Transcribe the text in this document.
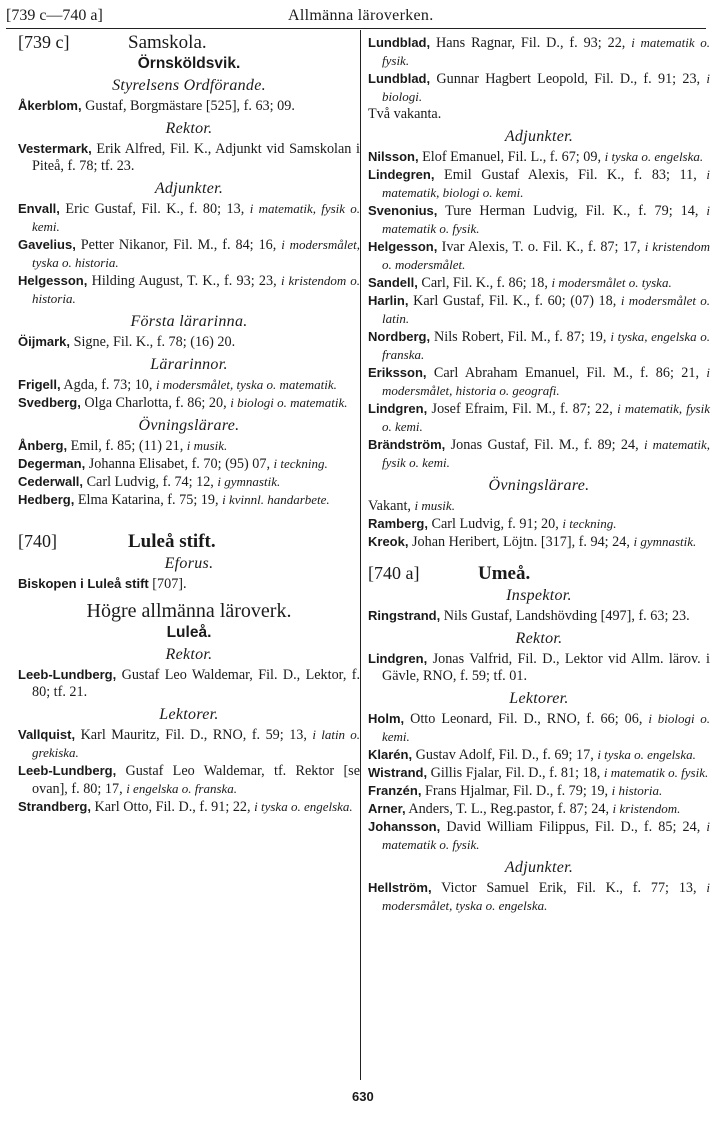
[739 c—740 a]	Allmänna läroverken.
[739 c]	Samskola.
Örnsköldsvik.
Styrelsens Ordförande.

Åkerblom, Gustaf, Borgmästare [525], f. 63; 09.

Rektor.

Vestermark, Erik Alfred, Fil. K., Adjunkt vid Samskolan i Piteå, f. 78; tf. 23.

Adjunkter.

Envall, Eric Gustaf, Fil. K., f. 80; 13, i matematik, fysik o. kemi.

Gavelius, Petter Nikanor, Fil. M., f. 84; 16, i modersmålet, tyska o. historia.

Helgesson, Hilding August, T. K., f. 93; 23, i kristendom o. historia.

Första lärarinna.

Öijmark, Signe, Fil. K., f. 78; (16) 20.

Lärarinnor.

Frigell, Agda, f. 73; 10, i modersmålet, tyska o. matematik.

Svedberg, Olga Charlotta, f. 86; 20, i biologi o. matematik.

Övningslärare.

Ånberg, Emil, f. 85; (11) 21, i musik.

Degerman, Johanna Elisabet, f. 70; (95) 07, i teckning.

Cederwall, Carl Ludvig, f. 74; 12, i gymnastik.

Hedberg, Elma Katarina, f. 75; 19, i kvinnl. handarbete.

[740]	Luleå stift.
Eforus.

Biskopen i Luleå stift [707].

Högre allmänna läroverk.
Luleå.
Rektor.

Leeb-Lundberg, Gustaf Leo Waldemar, Fil. D., Lektor, f. 80; tf. 21.

Lektorer.

Vallquist, Karl Mauritz, Fil. D., RNO, f. 59; 13, i latin o. grekiska.

Leeb-Lundberg, Gustaf Leo Waldemar, tf. Rektor [se ovan], f. 80; 17, i engelska o. franska.

Strandberg, Karl Otto, Fil. D., f. 91; 22, i tyska o. engelska.

Lundblad, Hans Ragnar, Fil. D., f. 93; 22, i matematik o. fysik.

Lundblad, Gunnar Hagbert Leopold, Fil. D., f. 91; 23, i biologi.

Två vakanta.

Adjunkter.

Nilsson, Elof Emanuel, Fil. L., f. 67; 09, i tyska o. engelska.

Lindegren, Emil Gustaf Alexis, Fil. K., f. 83; 11, i matematik, biologi o. kemi.

Svenonius, Ture Herman Ludvig, Fil. K., f. 79; 14, i matematik o. fysik.

Helgesson, Ivar Alexis, T. o. Fil. K., f. 87; 17, i kristendom o. modersmålet.

Sandell, Carl, Fil. K., f. 86; 18, i modersmålet o. tyska.

Harlin, Karl Gustaf, Fil. K., f. 60; (07) 18, i modersmålet o. latin.

Nordberg, Nils Robert, Fil. M., f. 87; 19, i tyska, engelska o. franska.

Eriksson, Carl Abraham Emanuel, Fil. M., f. 86; 21, i modersmålet, historia o. geografi.

Lindgren, Josef Efraim, Fil. M., f. 87; 22, i matematik, fysik o. kemi.

Brändström, Jonas Gustaf, Fil. M., f. 89; 24, i matematik, fysik o. kemi.

Övningslärare.

Vakant, i musik.

Ramberg, Carl Ludvig, f. 91; 20, i teckning.

Kreok, Johan Heribert, Löjtn. [317], f. 94; 24, i gymnastik.

[740 a]	Umeå.
Inspektor.

Ringstrand, Nils Gustaf, Landshövding [497], f. 63; 23.

Rektor.

Lindgren, Jonas Valfrid, Fil. D., Lektor vid Allm. lärov. i Gävle, RNO, f. 59; tf. 01.

Lektorer.

Holm, Otto Leonard, Fil. D., RNO, f. 66; 06, i biologi o. kemi.

Klarén, Gustav Adolf, Fil. D., f. 69; 17, i tyska o. engelska.

Wistrand, Gillis Fjalar, Fil. D., f. 81; 18, i matematik o. fysik.

Franzén, Frans Hjalmar, Fil. D., f. 79; 19, i historia.

Arner, Anders, T. L., Reg.pastor, f. 87; 24, i kristendom.

Johansson, David William Filippus, Fil. D., f. 85; 24, i matematik o. fysik.

Adjunkter.

Hellström, Victor Samuel Erik, Fil. K., f. 77; 13, i modersmålet, tyska o. engelska.

630
